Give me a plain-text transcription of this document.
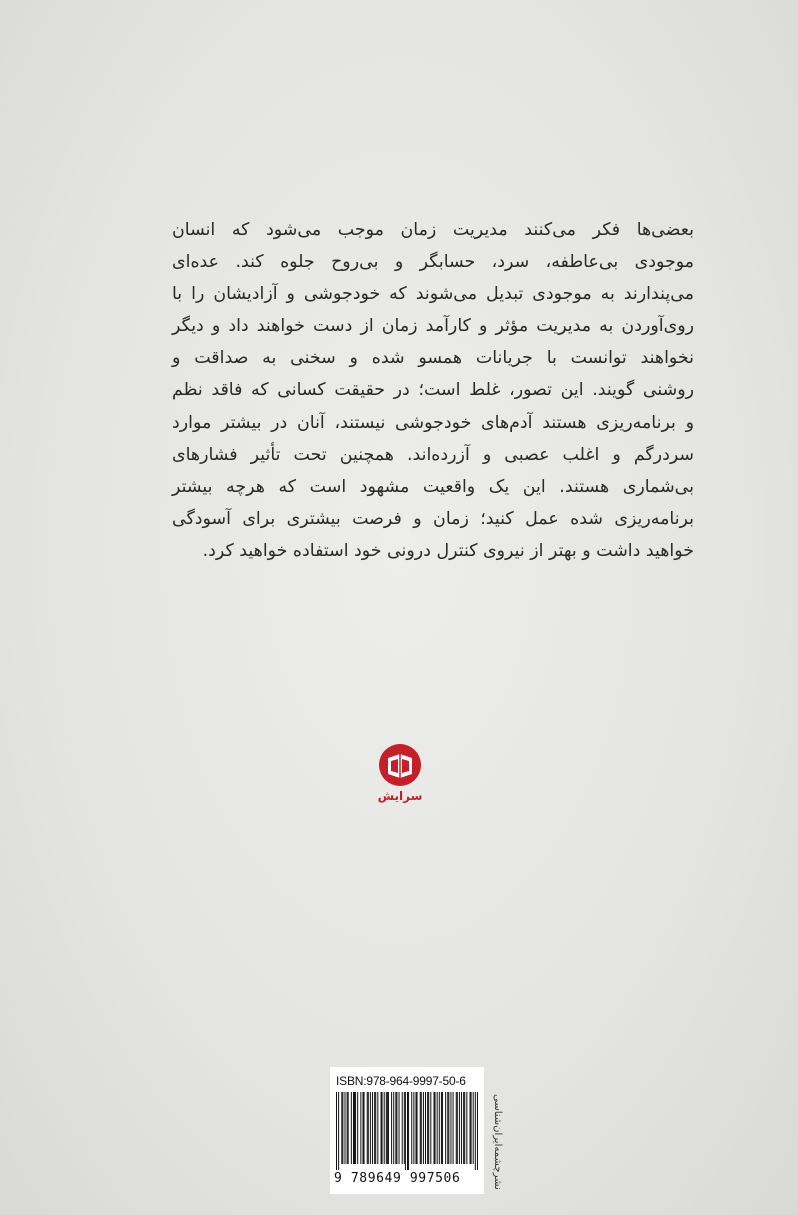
بعضی‌ها فکر می‌کنند مدیریت زمان موجب می‌شود که انسان
موجودی بی‌عاطفه، سرد، حسابگر و بی‌روح جلوه کند. عده‌ای
می‌پندارند به موجودی تبدیل می‌شوند که خودجوشی و آزادیشان را با
روی‌آوردن به مدیریت مؤثر و کارآمد زمان از دست خواهند داد و دیگر
نخواهند توانست با جریانات همسو شده و سخنی به صداقت و
روشنی گویند. این تصور، غلط است؛ در حقیقت کسانی که فاقد نظم
و برنامه‌ریزی هستند آدم‌های خودجوشی نیستند، آنان در بیشتر موارد
سردرگم و اغلب عصبی و آزرده‌اند. همچنین تحت تأثیر فشارهای
بی‌شماری هستند. این یک واقعیت مشهود است که هرچه بیشتر
برنامه‌ریزی شده عمل کنید؛ زمان و فرصت بیشتری برای آسودگی
خواهید داشت و بهتر از نیروی کنترل درونی خود استفاده خواهید کرد.
سرایش
ISBN:978-964-9997-50-6
9 789649 997506	نشرچشمه‌ایران‌شناسی
